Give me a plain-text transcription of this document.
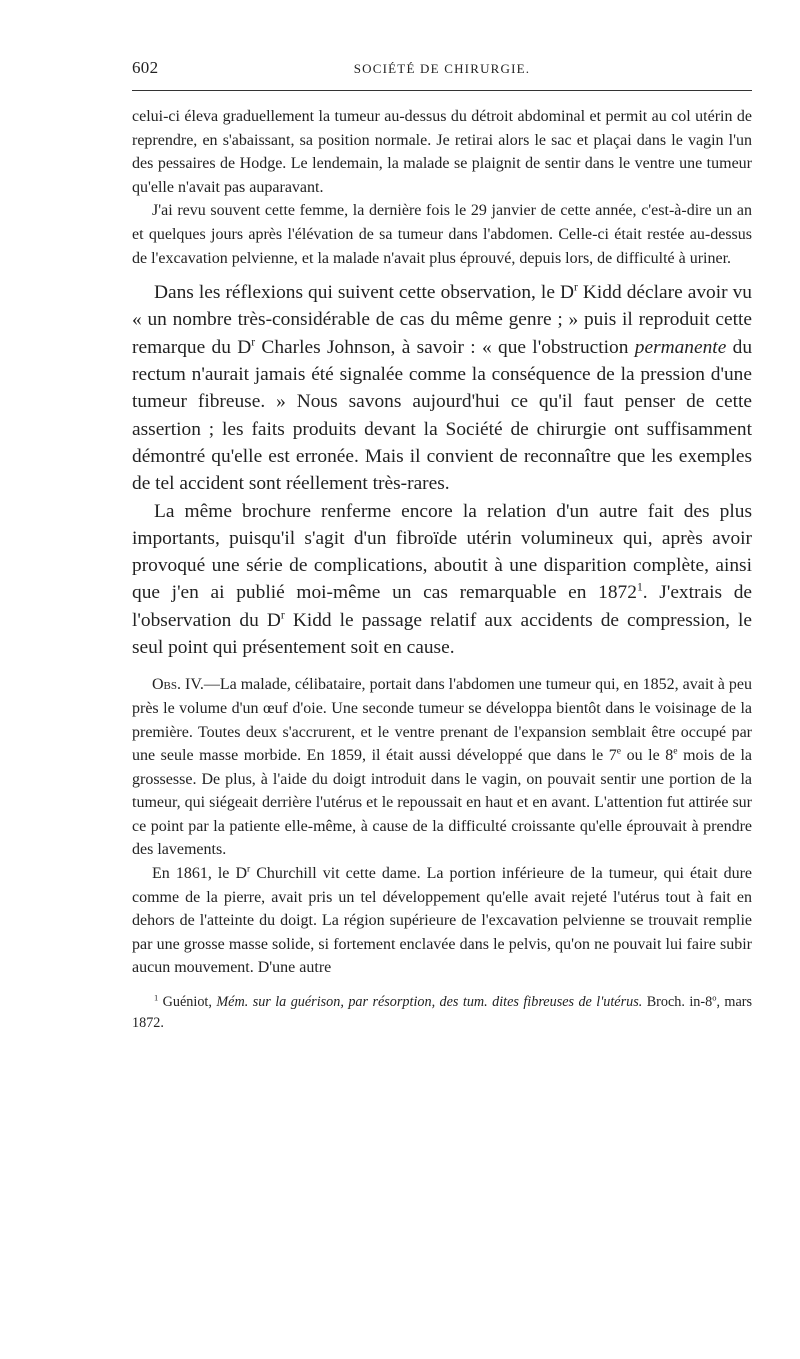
602	SOCIÉTÉ DE CHIRURGIE.

celui-ci éleva graduellement la tumeur au-dessus du détroit abdominal et permit au col utérin de reprendre, en s'abaissant, sa position normale. Je retirai alors le sac et plaçai dans le vagin l'un des pessaires de Hodge. Le lendemain, la malade se plaignit de sentir dans le ventre une tumeur qu'elle n'avait pas auparavant.

J'ai revu souvent cette femme, la dernière fois le 29 janvier de cette année, c'est-à-dire un an et quelques jours après l'élévation de sa tumeur dans l'abdomen. Celle-ci était restée au-dessus de l'excavation pelvienne, et la malade n'avait plus éprouvé, depuis lors, de difficulté à uriner.

Dans les réflexions qui suivent cette observation, le $D^r$ Kidd déclare avoir vu « un nombre très-considérable de cas du même genre ; » puis il reproduit cette remarque du $D^r$ Charles Johnson, à savoir : « que l'obstruction permanente du rectum n'aurait jamais été signalée comme la conséquence de la pression d'une tumeur fibreuse. » Nous savons aujourd'hui ce qu'il faut penser de cette assertion ; les faits produits devant la Société de chirurgie ont suffisamment démontré qu'elle est erronée. Mais il convient de reconnaître que les exemples de tel accident sont réellement très-rares.

La même brochure renferme encore la relation d'un autre fait des plus importants, puisqu'il s'agit d'un fibroïde utérin volumineux qui, après avoir provoqué une série de complications, aboutit à une disparition complète, ainsi que j'en ai publié moi-même un cas remarquable en 1872$^1$. J'extrais de l'observation du $D^r$ Kidd le passage relatif aux accidents de compression, le seul point qui présentement soit en cause.

Obs. IV.—La malade, célibataire, portait dans l'abdomen une tumeur qui, en 1852, avait à peu près le volume d'un œuf d'oie. Une seconde tumeur se développa bientôt dans le voisinage de la première. Toutes deux s'accrurent, et le ventre prenant de l'expansion semblait être occupé par une seule masse morbide. En 1859, il était aussi développé que dans le 7e ou le 8e mois de la grossesse. De plus, à l'aide du doigt introduit dans le vagin, on pouvait sentir une portion de la tumeur, qui siégeait derrière l'utérus et le repoussait en haut et en avant. L'attention fut attirée sur ce point par la patiente elle-même, à cause de la difficulté croissante qu'elle éprouvait à prendre des lavements.

En 1861, le $D^r$ Churchill vit cette dame. La portion inférieure de la tumeur, qui était dure comme de la pierre, avait pris un tel développement qu'elle avait rejeté l'utérus tout à fait en dehors de l'atteinte du doigt. La région supérieure de l'excavation pelvienne se trouvait remplie par une grosse masse solide, si fortement enclavée dans le pelvis, qu'on ne pouvait lui faire subir aucun mouvement. D'une autre

$^1$ Guéniot, Mém. sur la guérison, par résorption, des tum. dites fibreuses de l'utérus. Broch. in-8$^o$, mars 1872.
